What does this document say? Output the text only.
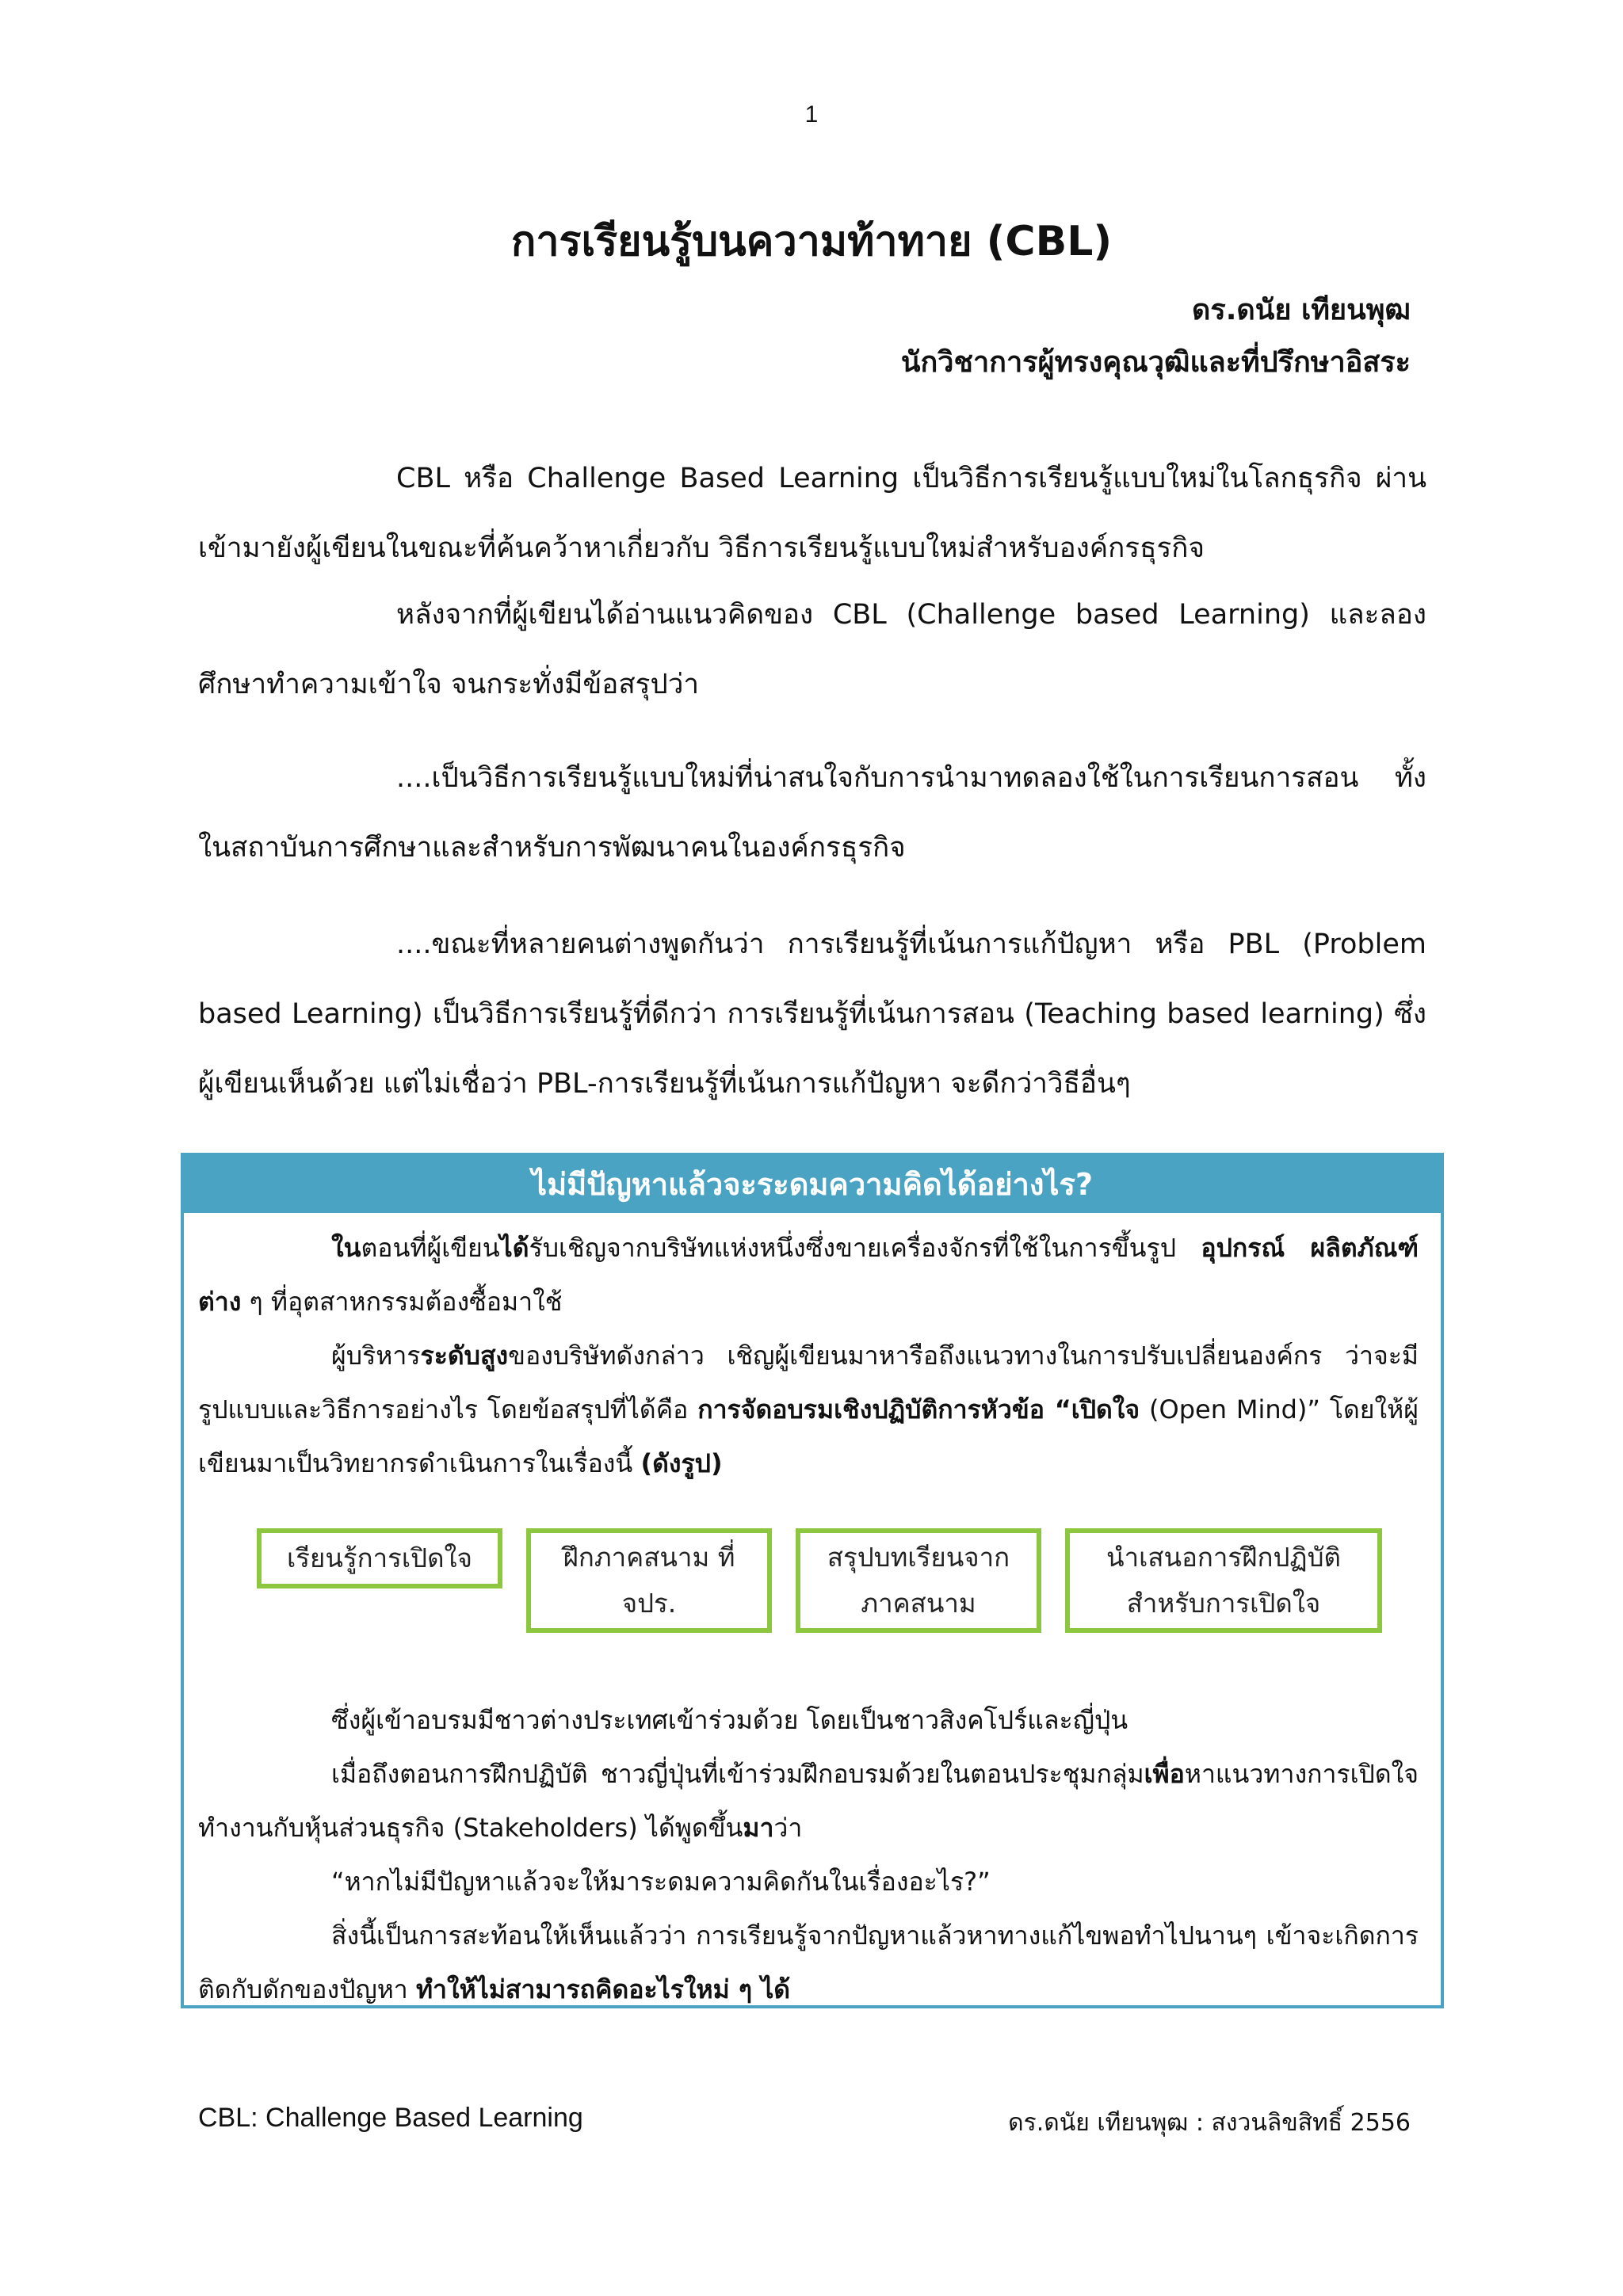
1
การเรียนรู้บนความท้าทาย (CBL)
ดร.ดนัย เทียนพุฒ
นักวิชาการผู้ทรงคุณวุฒิและที่ปรึกษาอิสระ
CBL หรือ Challenge Based Learning เป็นวิธีการเรียนรู้แบบใหม่ในโลกธุรกิจ ผ่านเข้ามายังผู้เขียนในขณะที่ค้นคว้าหาเกี่ยวกับ วิธีการเรียนรู้แบบใหม่สำหรับองค์กรธุรกิจ
หลังจากที่ผู้เขียนได้อ่านแนวคิดของ CBL (Challenge based Learning) และลองศึกษาทำความเข้าใจ จนกระทั่งมีข้อสรุปว่า
....เป็นวิธีการเรียนรู้แบบใหม่ที่น่าสนใจกับการนำมาทดลองใช้ในการเรียนการสอน ทั้งในสถาบันการศึกษาและสำหรับการพัฒนาคนในองค์กรธุรกิจ
....ขณะที่หลายคนต่างพูดกันว่า การเรียนรู้ที่เน้นการแก้ปัญหา หรือ PBL (Problem based Learning) เป็นวิธีการเรียนรู้ที่ดีกว่า การเรียนรู้ที่เน้นการสอน (Teaching based learning) ซึ่งผู้เขียนเห็นด้วย แต่ไม่เชื่อว่า PBL-การเรียนรู้ที่เน้นการแก้ปัญหา จะดีกว่าวิธีอื่นๆ
ไม่มีปัญหาแล้วจะระดมความคิดได้อย่างไร?
ในตอนที่ผู้เขียนได้รับเชิญจากบริษัทแห่งหนึ่งซึ่งขายเครื่องจักรที่ใช้ในการขึ้นรูป อุปกรณ์ ผลิตภัณฑ์ต่าง ๆ ที่อุตสาหกรรมต้องซื้อมาใช้
ผู้บริหารระดับสูงของบริษัทดังกล่าว เชิญผู้เขียนมาหารือถึงแนวทางในการปรับเปลี่ยนองค์กร ว่าจะมีรูปแบบและวิธีการอย่างไร โดยข้อสรุปที่ได้คือ การจัดอบรมเชิงปฏิบัติการหัวข้อ “เปิดใจ (Open Mind)” โดยให้ผู้เขียนมาเป็นวิทยากรดำเนินการในเรื่องนี้ (ดังรูป)
เรียนรู้การเปิดใจ	ฝึกภาคสนาม ที่ จปร.
สรุปบทเรียนจาก ภาคสนาม
นำเสนอการฝึกปฏิบัติ สำหรับการเปิดใจ
ซึ่งผู้เข้าอบรมมีชาวต่างประเทศเข้าร่วมด้วย โดยเป็นชาวสิงคโปร์และญี่ปุ่น
เมื่อถึงตอนการฝึกปฏิบัติ ชาวญี่ปุ่นที่เข้าร่วมฝึกอบรมด้วยในตอนประชุมกลุ่มเพื่อหาแนวทางการเปิดใจทำงานกับหุ้นส่วนธุรกิจ (Stakeholders) ได้พูดขึ้นมาว่า
“หากไม่มีปัญหาแล้วจะให้มาระดมความคิดกันในเรื่องอะไร?”
สิ่งนี้เป็นการสะท้อนให้เห็นแล้วว่า การเรียนรู้จากปัญหาแล้วหาทางแก้ไขพอทำไปนานๆ เข้าจะเกิดการติดกับดักของปัญหา ทำให้ไม่สามารถคิดอะไรใหม่ ๆ ได้
CBL: Challenge Based Learning	ดร.ดนัย เทียนพุฒ : สงวนลิขสิทธิ์ 2556
